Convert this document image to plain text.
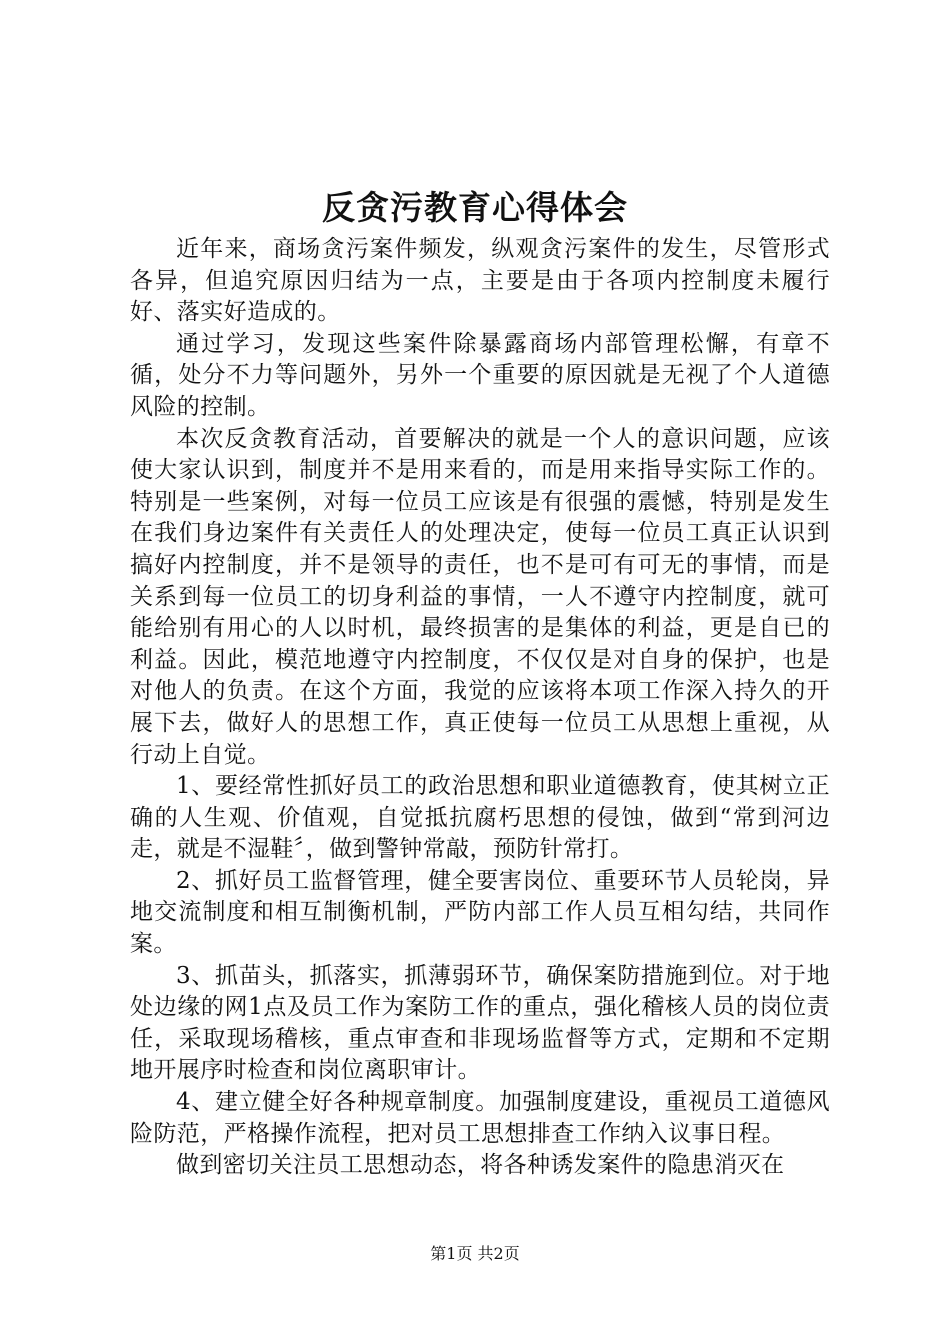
反贪污教育心得体会

近年来，商场贪污案件频发，纵观贪污案件的发生，尽管形式各异，但追究原因归结为一点，主要是由于各项内控制度未履行好、落实好造成的。

通过学习，发现这些案件除暴露商场内部管理松懈，有章不循，处分不力等问题外，另外一个重要的原因就是无视了个人道德风险的控制。

本次反贪教育活动，首要解决的就是一个人的意识问题，应该使大家认识到，制度并不是用来看的，而是用来指导实际工作的。特别是一些案例，对每一位员工应该是有很强的震憾，特别是发生在我们身边案件有关责任人的处理决定，使每一位员工真正认识到搞好内控制度，并不是领导的责任，也不是可有可无的事情，而是关系到每一位员工的切身利益的事情，一人不遵守内控制度，就可能给别有用心的人以时机，最终损害的是集体的利益，更是自已的利益。因此，模范地遵守内控制度，不仅仅是对自身的保护，也是对他人的负责。在这个方面，我觉的应该将本项工作深入持久的开展下去，做好人的思想工作，真正使每一位员工从思想上重视，从行动上自觉。

1、要经常性抓好员工的政治思想和职业道德教育，使其树立正确的人生观、价值观，自觉抵抗腐朽思想的侵蚀，做到“常到河边走，就是不湿鞋〞，做到警钟常敲，预防针常打。

2、抓好员工监督管理，健全要害岗位、重要环节人员轮岗，异地交流制度和相互制衡机制，严防内部工作人员互相勾结，共同作案。

3、抓苗头，抓落实，抓薄弱环节，确保案防措施到位。对于地处边缘的网1点及员工作为案防工作的重点，强化稽核人员的岗位责任，采取现场稽核，重点审查和非现场监督等方式，定期和不定期地开展序时检查和岗位离职审计。

4、建立健全好各种规章制度。加强制度建设，重视员工道德风险防范，严格操作流程，把对员工思想排查工作纳入议事日程。

做到密切关注员工思想动态，将各种诱发案件的隐患消灭在

第1页 共2页
